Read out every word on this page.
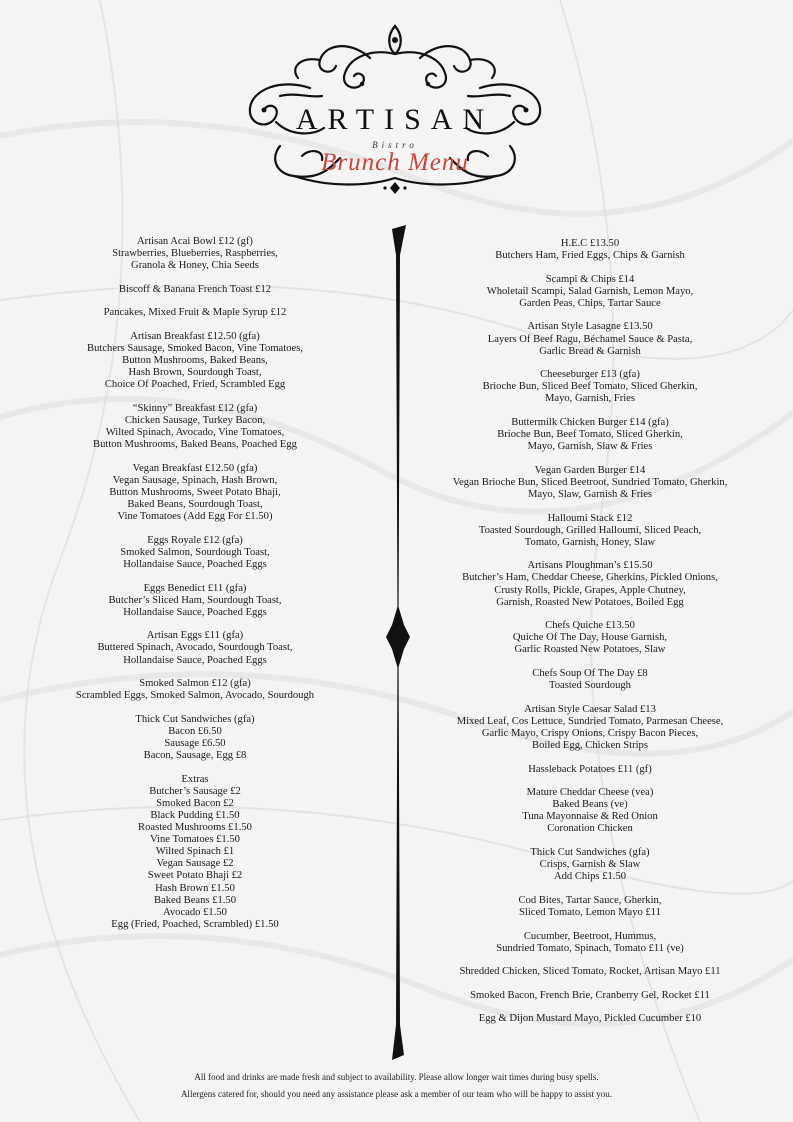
ARTISAN
Bistro
Brunch Menu
Artisan Acai Bowl £12 (gf)
Strawberries, Blueberries, Raspberries,
Granola & Honey, Chia Seeds
Biscoff & Banana French Toast £12
Pancakes, Mixed Fruit & Maple Syrup £12
Artisan Breakfast £12.50 (gfa)
Butchers Sausage, Smoked Bacon, Vine Tomatoes,
Button Mushrooms, Baked Beans,
Hash Brown, Sourdough Toast,
Choice Of Poached, Fried, Scrambled Egg
“Skinny” Breakfast £12 (gfa)
Chicken Sausage, Turkey Bacon,
Wilted Spinach, Avocado, Vine Tomatoes,
Button Mushrooms, Baked Beans, Poached Egg
Vegan Breakfast £12.50 (gfa)
Vegan Sausage, Spinach, Hash Brown,
Button Mushrooms, Sweet Potato Bhaji,
Baked Beans, Sourdough Toast,
Vine Tomatoes (Add Egg For £1.50)
Eggs Royale £12 (gfa)
Smoked Salmon, Sourdough Toast,
Hollandaise Sauce, Poached Eggs
Eggs Benedict £11 (gfa)
Butcher’s Sliced Ham, Sourdough Toast,
Hollandaise Sauce, Poached Eggs
Artisan Eggs £11 (gfa)
Buttered Spinach, Avocado, Sourdough Toast,
Hollandaise Sauce, Poached Eggs
Smoked Salmon £12 (gfa)
Scrambled Eggs, Smoked Salmon, Avocado, Sourdough
Thick Cut Sandwiches (gfa)
Bacon £6.50
Sausage £6.50
Bacon, Sausage, Egg £8
Extras
Butcher’s Sausage £2
Smoked Bacon £2
Black Pudding £1.50
Roasted Mushrooms £1.50
Vine Tomatoes £1.50
Wilted Spinach £1
Vegan Sausage £2
Sweet Potato Bhaji £2
Hash Brown £1.50
Baked Beans £1.50
Avocado £1.50
Egg (Fried, Poached, Scrambled) £1.50
H.E.C £13.50
Butchers Ham, Fried Eggs, Chips & Garnish
Scampi & Chips £14
Wholetail Scampi, Salad Garnish, Lemon Mayo,
Garden Peas, Chips, Tartar Sauce
Artisan Style Lasagne £13.50
Layers Of Beef Ragu, Béchamel Sauce & Pasta,
Garlic Bread & Garnish
Cheeseburger £13 (gfa)
Brioche Bun, Sliced Beef Tomato, Sliced Gherkin,
Mayo, Garnish, Fries
Buttermilk Chicken Burger £14 (gfa)
Brioche Bun, Beef Tomato, Sliced Gherkin,
Mayo, Garnish, Slaw & Fries
Vegan Garden Burger £14
Vegan Brioche Bun, Sliced Beetroot, Sundried Tomato, Gherkin,
Mayo, Slaw, Garnish & Fries
Halloumi Stack £12
Toasted Sourdough, Grilled Halloumi, Sliced Peach,
Tomato, Garnish, Honey, Slaw
Artisans Ploughman’s £15.50
Butcher’s Ham, Cheddar Cheese, Gherkins, Pickled Onions,
Crusty Rolls, Pickle, Grapes, Apple Chutney,
Garnish, Roasted New Potatoes, Boiled Egg
Chefs Quiche £13.50
Quiche Of The Day, House Garnish,
Garlic Roasted New Potatoes, Slaw
Chefs Soup Of The Day £8
Toasted Sourdough
Artisan Style Caesar Salad £13
Mixed Leaf, Cos Lettuce, Sundried Tomato, Parmesan Cheese,
Garlic Mayo, Crispy Onions, Crispy Bacon Pieces,
Boiled Egg, Chicken Strips
Hassleback Potatoes £11 (gf)
Mature Cheddar Cheese (vea)
Baked Beans (ve)
Tuna Mayonnaise & Red Onion
Coronation Chicken
Thick Cut Sandwiches (gfa)
Crisps, Garnish & Slaw
Add Chips £1.50
Cod Bites, Tartar Sauce, Gherkin,
Sliced Tomato, Lemon Mayo £11
Cucumber, Beetroot, Hummus,
Sundried Tomato, Spinach, Tomato £11 (ve)
Shredded Chicken, Sliced Tomato, Rocket, Artisan Mayo £11
Smoked Bacon, French Brie, Cranberry Gel, Rocket £11
Egg & Dijon Mustard Mayo, Pickled Cucumber £10
All food and drinks are made fresh and subject to availability. Please allow longer wait times during busy spells.
Allergens catered for, should you need any assistance please ask a member of our team who will be happy to assist you.
